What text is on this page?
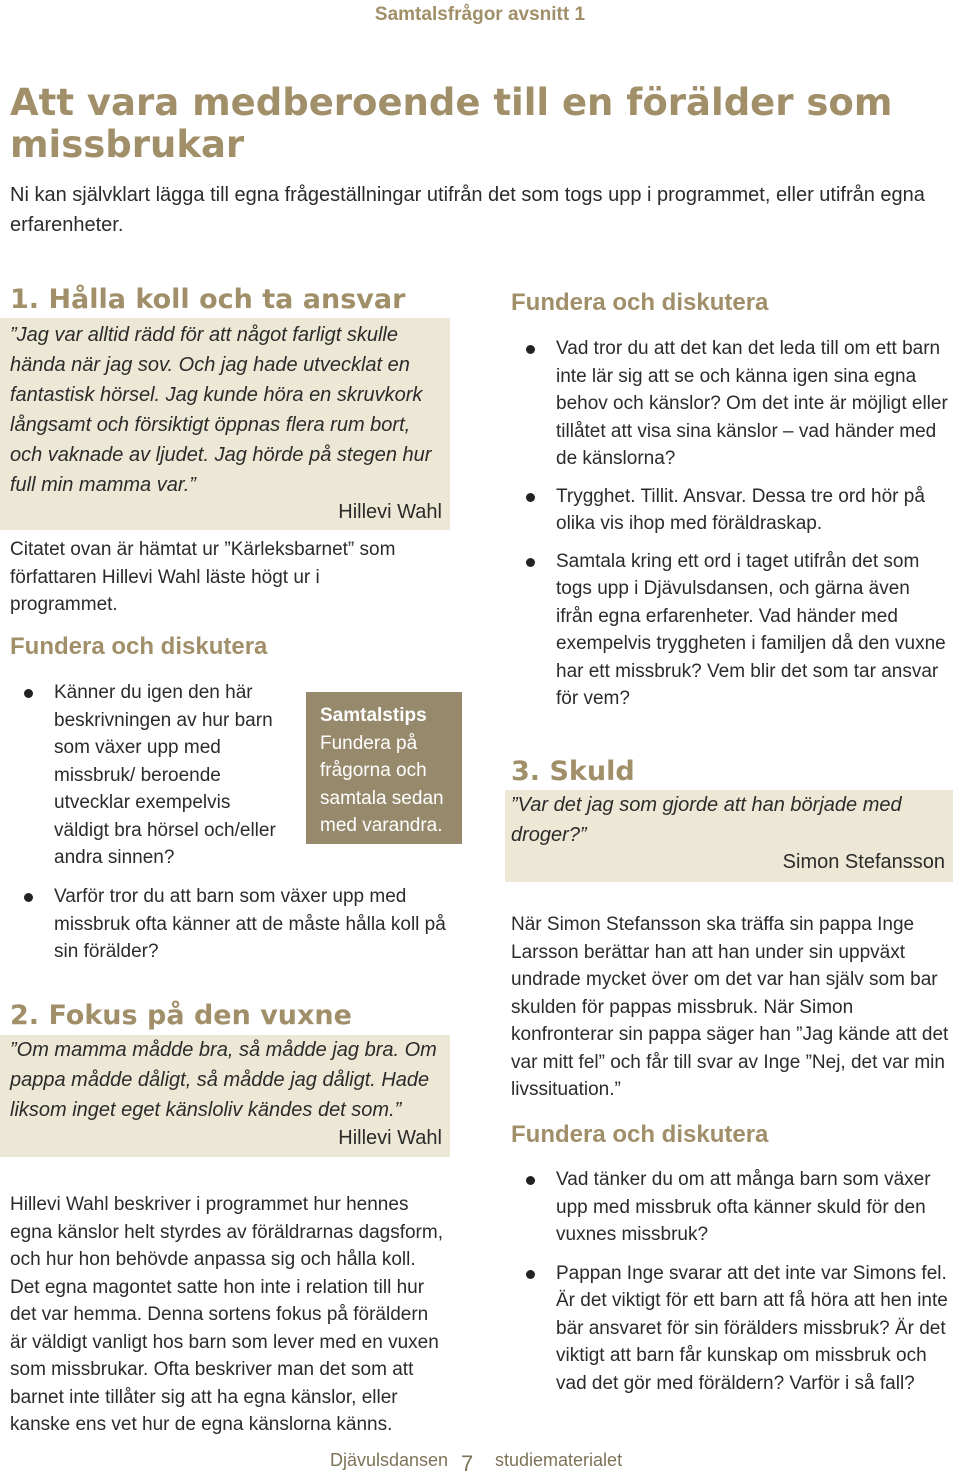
Samtalsfrågor avsnitt 1
Att vara medberoende till en förälder som missbrukar
Ni kan självklart lägga till egna frågeställningar utifrån det som togs upp i programmet, eller utifrån egna erfarenheter.
1. Hålla koll och ta ansvar
”Jag var alltid rädd för att något farligt skulle hända när jag sov. Och jag hade utvecklat en fantastisk hörsel. Jag kunde höra en skruvkork långsamt och försiktigt öppnas flera rum bort, och vaknade av ljudet. Jag hörde på stegen hur full min mamma var.”
Hillevi Wahl
Citatet ovan är hämtat ur ”Kärleksbarnet” som författaren Hillevi Wahl läste högt ur i programmet.
Fundera och diskutera
Känner du igen den här beskrivningen av hur barn som växer upp med missbruk/ beroende utvecklar exempelvis väldigt bra hörsel och/eller andra sinnen?
Varför tror du att barn som växer upp med missbruk ofta känner att de måste hålla koll på sin förälder?
Samtalstips
Fundera på frågorna och samtala sedan med varandra.
2. Fokus på den vuxne
”Om mamma mådde bra, så mådde jag bra. Om pappa mådde dåligt, så mådde jag dåligt. Hade liksom inget eget känsloliv kändes det som.”
Hillevi Wahl
Hillevi Wahl beskriver i programmet hur hennes egna känslor helt styrdes av föräldrarnas dagsform, och hur hon behövde anpassa sig och hålla koll. Det egna magontet satte hon inte i relation till hur det var hemma. Denna sortens fokus på föräldern är väldigt vanligt hos barn som lever med en vuxen som missbrukar. Ofta beskriver man det som att barnet inte tillåter sig att ha egna känslor, eller kanske ens vet hur de egna känslorna känns.
Fundera och diskutera
Vad tror du att det kan det leda till om ett barn inte lär sig att se och känna igen sina egna behov och känslor? Om det inte är möjligt eller tillåtet att visa sina känslor – vad händer med de känslorna?
Trygghet. Tillit. Ansvar. Dessa tre ord hör på olika vis ihop med föräldraskap.
Samtala kring ett ord i taget utifrån det som togs upp i Djävulsdansen, och gärna även ifrån egna erfarenheter. Vad händer med exempelvis tryggheten i familjen då den vuxne har ett missbruk? Vem blir det som tar ansvar för vem?
3. Skuld
”Var det jag som gjorde att han började med droger?”
Simon Stefansson
När Simon Stefansson ska träffa sin pappa Inge Larsson berättar han att han under sin uppväxt undrade mycket över om det var han själv som bar skulden för pappas missbruk. När Simon konfronterar sin pappa säger han ”Jag kände att det var mitt fel” och får till svar av Inge ”Nej, det var min livssituation.”
Fundera och diskutera
Vad tänker du om att många barn som växer upp med missbruk ofta känner skuld för den vuxnes missbruk?
Pappan Inge svarar att det inte var Simons fel. Är det viktigt för ett barn att få höra att hen inte bär ansvaret för sin förälders missbruk? Är det viktigt att barn får kunskap om missbruk och vad det gör med föräldern? Varför i så fall?
Djävulsdansen 7 studiematerialet
